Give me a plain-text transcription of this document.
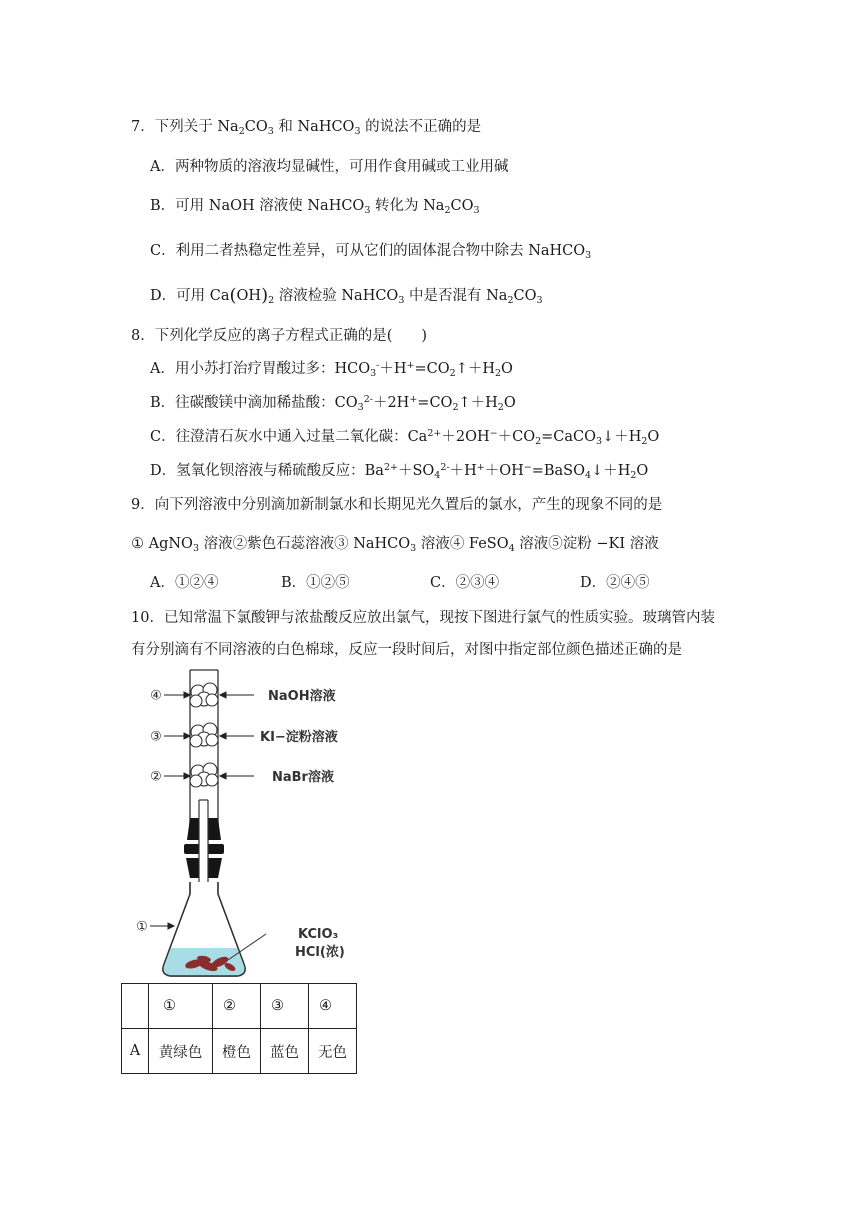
7．下列关于 $Na_2CO_3$ 和 NaHCO$_3$ 的说法不正确的是
A．两种物质的溶液均显碱性，可用作食用碱或工业用碱
B．可用 NaOH 溶液使 NaHCO$_3$ 转化为 $Na_2CO_3$
C．利用二者热稳定性差异，可从它们的固体混合物中除去 NaHCO$_3$
D．可用 $Ca(OH)_2$ 溶液检验 NaHCO$_3$ 中是否混有 $Na_2CO_3$
8．下列化学反应的离子方程式正确的是(　　)
A．用小苏打治疗胃酸过多：$HCO_3^-+H^+=CO_2↑+H_2O$
B．往碳酸镁中滴加稀盐酸：$CO_3^{2-}+2H^+=CO_2↑+H_2O$
C．往澄清石灰水中通入过量二氧化碳：$Ca^{2+}+2OH^-+CO_2=CaCO_3↓+H_2O$
D．氢氧化钡溶液与稀硫酸反应：$Ba^{2+}+SO_4^{2-}+H^++OH^-=BaSO_4↓+H_2O$
9．向下列溶液中分别滴加新制氯水和长期见光久置后的氯水，产生的现象不同的是
① AgNO$_3$ 溶液②紫色石蕊溶液③ NaHCO$_3$ 溶液④ FeSO$_4$ 溶液⑤淀粉 −KI 溶液
A．①②④	B．①②⑤	C．②③④	D．②④⑤
10．已知常温下氯酸钾与浓盐酸反应放出氯气，现按下图进行氯气的性质实验。玻璃管内装
有分别滴有不同溶液的白色棉球，反应一段时间后，对图中指定部位颜色描述正确的是
④
③
②
①
NaOH溶液
KI−淀粉溶液
NaBr溶液
KClO₃
HCl(浓)
	①	②	③	④
A	黄绿色	橙色	蓝色	无色
